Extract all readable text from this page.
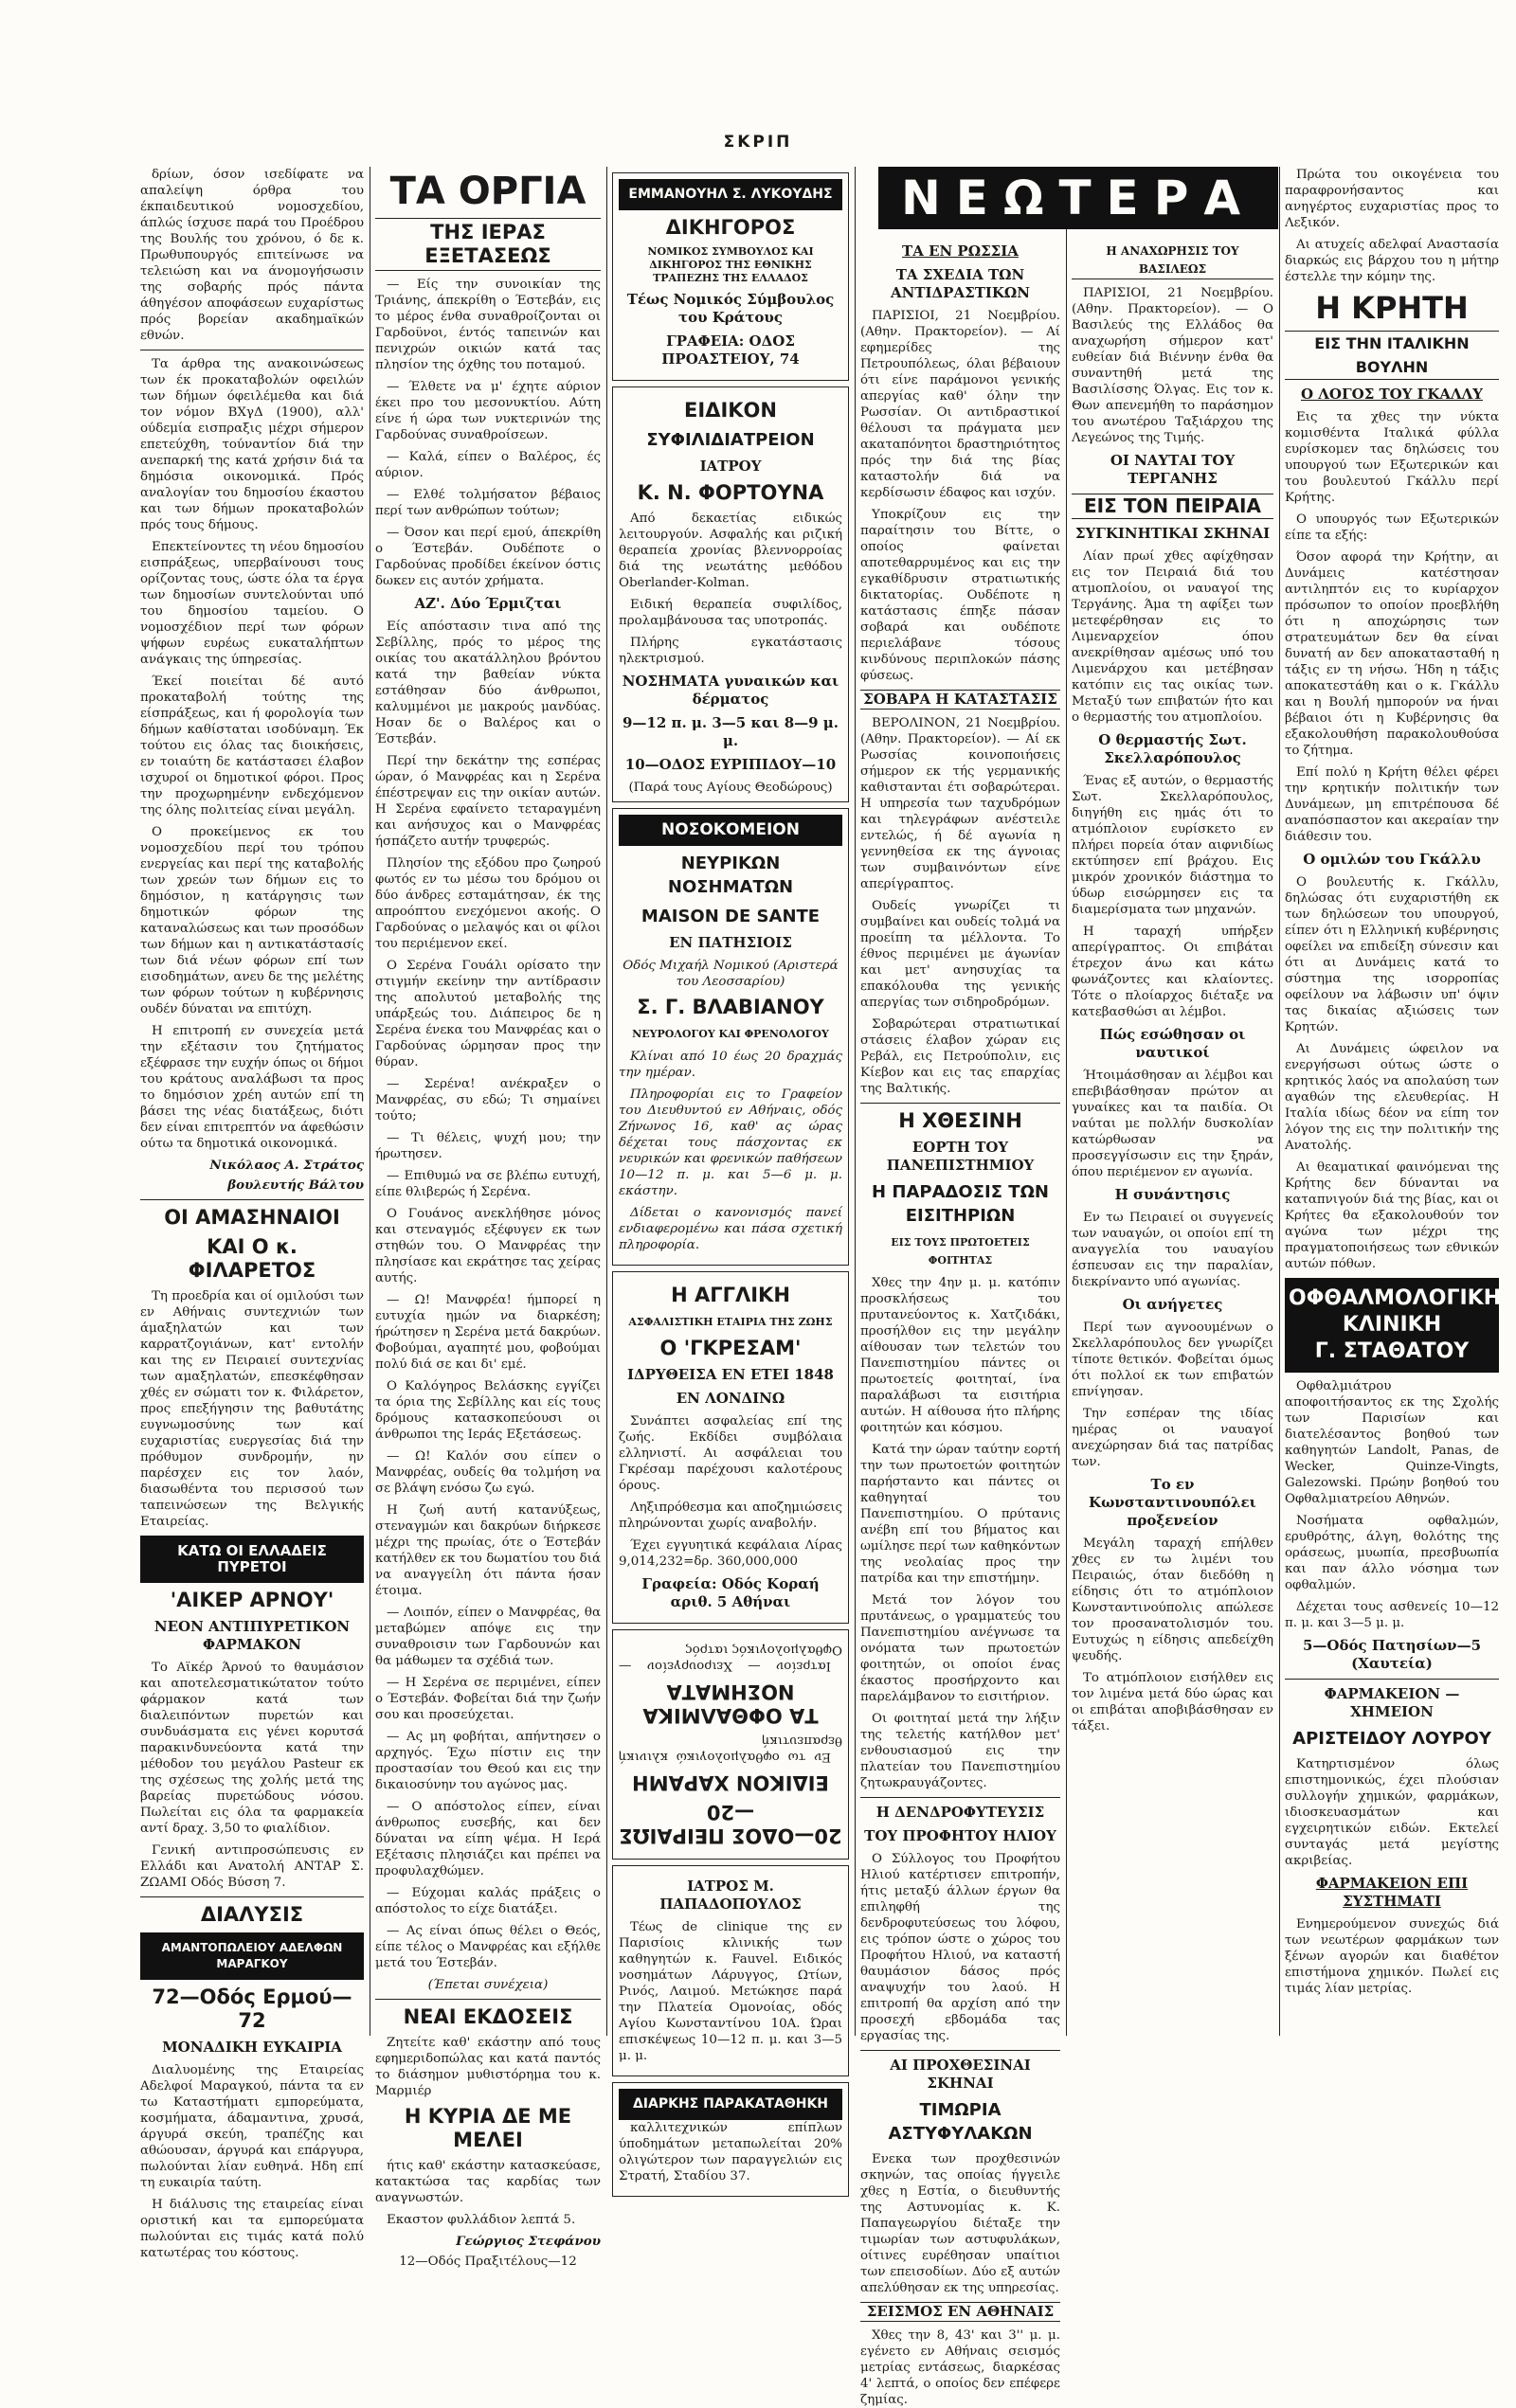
ΣΚΡΙΠ

δρίων, όσον ισεδίφατε να απαλείψη όρθρα του έκπαιδευτικού νομοσχεδίου, άπλώς ίσχυσε παρά του Προέδρου της Βουλής του χρόνου, ό δε κ. Πρωθυπουργός επιτείνωσε να τελειώση και να άνομογήσωσιν της σοβαρής πρός πάντα άθηγέσον αποφάσεων ευχαρίστως πρός βορείαν ακαδημαϊκών εθνών.

Τα άρθρα της ανακοινώσεως των έκ προκαταβολών οφειλών των δήμων όφειλέμεθα και διά τον νόμον ΒΧγΔ (1900), αλλ' ούδεμία εισπραξις μέχρι σήμερον επετεύχθη, τούναντίον διά την ανεπαρκή της κατά χρήσιν διά τα δημόσια οικονομικά. Πρός αναλογίαν του δημοσίου έκαστου και των δήμων προκαταβολών πρός τους δήμους.

Επεκτείνοντες τη νέου δημοσίου εισπράξεως, υπερβαίνουσι τους ορίζοντας τους, ώστε όλα τα έργα των δημοσίων συντελούνται υπό του δημοσίου ταμείου. Ο νομοσχέδιον περί των φόρων ψήφων ευρέως ευκαταλήπτων ανάγκαις της ύπηρεσίας.

Έκεί ποιείται δέ αυτό προκαταβολή τούτης της είσπράξεως, και ή φορολογία των δήμων καθίσταται ισοδύναμη. Έκ τούτου εις όλας τας διοικήσεις, εν τοιαύτη δε κατάστασει έλαβον ισχυροί οι δημοτικοί φόροι. Προς την προχωρημένην ενδεχόμενον της όλης πολιτείας είναι μεγάλη.

Ο προκείμενος εκ του νομοσχεδίου περί του τρόπου ενεργείας και περί της καταβολής των χρεών των δήμων εις το δημόσιον, η κατάργησις των δημοτικών φόρων της καταναλώσεως και των προσόδων των δήμων και η αντικατάστασίς των διά νέων φόρων επί των εισοδημάτων, ανευ δε της μελέτης των φόρων τούτων η κυβέρνησις ουδέν δύναται να επιτύχη.

Η επιτροπή εν συνεχεία μετά την εξέτασιν του ζητήματος εξέφρασε την ευχήν όπως οι δήμοι του κράτους αναλάβωσι τα προς το δημόσιον χρέη αυτών επί τη βάσει της νέας διατάξεως, διότι δεν είναι επιτρεπτόν να άφεθώσιν ούτω τα δημοτικά οικονομικά.

Νικόλαος Α. Στράτος
βουλευτής Βάλτου
ΟΙ ΑΜΑΣΗΝΑΙΟΙ
ΚΑΙ Ο κ. ΦΙΛΑΡΕΤΟΣ

Τη προεδρία και οί ομιλούσι των εν Αθήναις συντεχνιών των άμαξηλατών και των καρρατζογιάνων, κατ' εντολήν και της εν Πειραιεί συντεχνίας των αμαξηλατών, επεσκέφθησαν χθές εν σώματι τον κ. Φιλάρετον, προς επεξήγησιν της βαθυτάτης ευγνωμοσύνης των καί ευχαριστίας ευεργεσίας διά την πρόθυμον συνδρομήν, ην παρέσχεν εις τον λαόν, διασωθέντα του περισσού των ταπεινώσεων της Βελγικής Εταιρείας.

ΚΑΤΩ ΟΙ ΕΛΛΑΔΕΙΣ ΠΥΡΕΤΟΙ
'ΑΙΚΕΡ ΑΡΝΟΥ'
ΝΕΟΝ ΑΝΤΙΠΥΡΕΤΙΚΟΝ ΦΑΡΜΑΚΟΝ

Το Αϊκέρ Άρνού το θαυμάσιον και αποτελεσματικώτατον τούτο φάρμακον κατά των διαλειπόντων πυρετών και συνδυάσματα εις γένει κορυτσά παρακινδυνεύοντα κατά την μέθοδον του μεγάλου Pasteur εκ της σχέσεως της χολής μετά της βαρείας πυρετώδους νόσου. Πωλείται εις όλα τα φαρμακεία αντί δραχ. 3,50 το φιαλίδιον.

Γενική αντιπροσώπευσις εν Ελλάδι και Ανατολή ΑΝΤΑΡ Σ. ΖΩΑΜΙ Οδός Βύσση 7.

ΔΙΑΛΥΣΙΣ
ΑΜΑΝΤΟΠΩΛΕΙΟΥ ΑΔΕΛΦΩΝ ΜΑΡΑΓΚΟΥ
72—Οδός Ερμού—72
ΜΟΝΑΔΙΚΗ ΕΥΚΑΙΡΙΑ

Διαλυομένης της Εταιρείας Αδελφοί Μαραγκού, πάντα τα εν τω Καταστήματι εμπορεύματα, κοσμήματα, άδαμαντινα, χρυσά, άργυρά σκεύη, τραπέζης και αθώουσαν, άργυρά και επάργυρα, πωλούνται λίαν ευθηνά. Ηδη επί τη ευκαιρία ταύτη.

Η διάλυσις της εταιρείας είναι οριστική και τα εμπορεύματα πωλούνται εις τιμάς κατά πολύ κατωτέρας του κόστους.

ΤΑ ΟΡΓΙΑ
ΤΗΣ ΙΕΡΑΣ ΕΞΕΤΑΣΕΩΣ

— Είς την συνοικίαν της Τριάνης, άπεκρίθη ο Έστεβάν, εις το μέρος ένθα συναθροίζονται οι Γαρδοϋνοι, έντός ταπεινών και πενιχρών οικιών κατά τας πλησίον της όχθης του ποταμού.

— Έλθετε να μ' έχητε αύριον έκει προ του μεσονυκτίου. Αύτη είνε ή ώρα των νυκτερινών της Γαρδούνας συναθροίσεων.

— Καλά, είπεν ο Βαλέρος, ές αύριον.

— Ελθέ τολμήσατον βέβαιος περί των ανθρώπων τούτων;

— Όσον και περί εμού, άπεκρίθη ο Έστεβάν. Ουδέποτε ο Γαρδούνας προδίδει έκείνον όστις δωκεν εις αυτόν χρήματα.

ΑΖ'. Δύο Έρμιζται

Είς απόστασιν τινα από της Σεβίλλης, πρός το μέρος της οικίας του ακατάλληλου βρόντου κατά την βαθείαν νύκτα εστάθησαν δύο άνθρωποι, καλυμμένοι με μακρούς μανδύας. Ησαν δε ο Βαλέρος και ο Έστεβάν.

Περί την δεκάτην της εσπέρας ώραν, ό Μανφρέας και η Σερένα έπέστρεψαν εις την οικίαν αυτών. Η Σερένα εφαίνετο τεταραγμένη και ανήσυχος και ο Μανφρέας ήσπάζετο αυτήν τρυφερώς.

Πλησίον της εξόδου προ ζωηρού φωτός εν τω μέσω του δρόμου οι δύο άνδρες εσταμάτησαν, έκ της απροόπτου ενεχόμενοι ακοής. Ο Γαρδούνας ο μελαψός και οι φίλοι του περιέμενον εκεί.

Ο Σερένα Γουάλι ορίσατο την στιγμήν εκείνην την αντίδρασιν της απολυτού μεταβολής της υπάρξεώς του. Διάπειρος δε η Σερένα ένεκα του Μανφρέας και ο Γαρδούνας ώρμησαν προς την θύραν.

— Σερένα! ανέκραξεν ο Μανφρέας, συ εδώ; Τι σημαίνει τούτο;

— Τι θέλεις, ψυχή μου; την ήρωτησεν.

— Επιθυμώ να σε βλέπω ευτυχή, είπε θλιβερώς ή Σερένα.

Ο Γουάνος ανεκλήθησε μόνος και στεναγμός εξέφυγεν εκ των στηθών του. Ο Μανφρέας την πλησίασε και εκράτησε τας χείρας αυτής.

— Ω! Μανφρέα! ήμπορεί η ευτυχία ημών να διαρκέση; ήρώτησεν η Σερένα μετά δακρύων. Φοβούμαι, αγαπητέ μου, φοβούμαι πολύ διά σε και δι' εμέ.

Ο Καλόγηρος Βελάσκης εγγίζει τα όρια της Σεβίλλης και είς τους δρόμους κατασκοπεύουσι οι άνθρωποι της Ιεράς Εξετάσεως.

— Ω! Καλόν σου είπεν ο Μανφρέας, ουδείς θα τολμήση να σε βλάψη ενόσω ζω εγώ.

Η ζωή αυτή κατανύξεως, στεναγμών και δακρύων διήρκεσε μέχρι της πρωίας, ότε ο Έστεβάν κατήλθεν εκ του δωματίου του διά να αναγγείλη ότι πάντα ήσαν έτοιμα.

— Λοιπόν, είπεν ο Μανφρέας, θα μεταβώμεν απόψε εις την συναθροισιν των Γαρδουνών και θα μάθωμεν τα σχέδιά των.

— Η Σερένα σε περιμένει, είπεν ο Έστεβάν. Φοβείται διά την ζωήν σου και προσεύχεται.

— Ας μη φοβήται, απήντησεν ο αρχηγός. Έχω πίστιν εις την προστασίαν του Θεού και εις την δικαιοσύνην του αγώνος μας.

— Ο απόστολος είπεν, είναι άνθρωπος ευσεβής, και δεν δύναται να είπη ψέμα. Η Ιερά Εξέτασις πλησιάζει και πρέπει να προφυλαχθώμεν.

— Εύχομαι καλάς πράξεις ο απόστολος το είχε διατάξει.

— Ας είναι όπως θέλει ο Θεός, είπε τέλος ο Μανφρέας και εξήλθε μετά του Έστεβάν.

(Έπεται συνέχεια)
ΝΕΑΙ ΕΚΔΟΣΕΙΣ

Ζητείτε καθ' εκάστην από τους εφημεριδοπώλας και κατά παντός το διάσημον μυθιστόρημα του κ. Μαρμιέρ

Η ΚΥΡΙΑ ΔΕ ΜΕ ΜΕΛΕΙ

ήτις καθ' εκάστην κατασκεύασε, κατακτώσα τας καρδίας των αναγνωστών.

Εκαστον φυλλάδιον λεπτά 5.

Γεώργιος Στεφάνου
12—Οδός Πραξιτέλους—12
ΕΜΜΑΝΟΥΗΛ Σ. ΛΥΚΟΥΔΗΣ
ΔΙΚΗΓΟΡΟΣ
ΝΟΜΙΚΟΣ ΣΥΜΒΟΥΛΟΣ ΚΑΙ ΔΙΚΗΓΟΡΟΣ ΤΗΣ ΕΘΝΙΚΗΣ ΤΡΑΠΕΖΗΣ ΤΗΣ ΕΛΛΑΔΟΣ
Τέως Νομικός Σύμβουλος του Κράτους
ΓΡΑΦΕΙΑ: ΟΔΟΣ ΠΡΟΑΣΤΕΙΟΥ, 74
ΕΙΔΙΚΟΝ
ΣΥΦΙΛΙΔΙΑΤΡΕΙΟΝ
ΙΑΤΡΟΥ
Κ. Ν. ΦΟΡΤΟΥΝΑ

Από δεκαετίας ειδικώς λειτουργούν. Ασφαλής και ριζική θεραπεία χρονίας βλεννορροίας διά της νεωτάτης μεθόδου Oberlander-Kolman.

Ειδική θεραπεία συφιλίδος, προλαμβάνουσα τας υποτροπάς.

Πλήρης εγκατάστασις ηλεκτρισμού.

ΝΟΣΗΜΑΤΑ γυναικών και δέρματος
9—12 π. μ. 3—5 και 8—9 μ. μ.
10—ΟΔΟΣ ΕΥΡΙΠΙΔΟΥ—10
(Παρά τους Αγίους Θεοδώρους)
ΝΟΣΟΚΟΜΕΙΟΝ
ΝΕΥΡΙΚΩΝ ΝΟΣΗΜΑΤΩΝ
MAISON DE SANTE
ΕΝ ΠΑΤΗΣΙΟΙΣ
Οδός Μιχαήλ Νομικού (Αριστερά του Λεοσσαρίου)
Σ. Γ. ΒΛΑΒΙΑΝΟΥ
ΝΕΥΡΟΛΟΓΟΥ ΚΑΙ ΦΡΕΝΟΛΟΓΟΥ

Κλίναι από 10 έως 20 δραχμάς την ημέραν.

Πληροφορίαι εις το Γραφείον του Διευθυντού εν Αθήναις, οδός Ζήνωνος 16, καθ' ας ώρας δέχεται τους πάσχοντας εκ νευρικών και φρενικών παθήσεων 10—12 π. μ. και 5—6 μ. μ. εκάστην.

Δίδεται ο κανονισμός πανεί ενδιαφερομένω και πάσα σχετική πληροφορία.

Η ΑΓΓΛΙΚΗ
ΑΣΦΑΛΙΣΤΙΚΗ ΕΤΑΙΡΙΑ ΤΗΣ ΖΩΗΣ
Ο 'ΓΚΡΕΣΑΜ'
ΙΔΡΥΘΕΙΣΑ ΕΝ ΕΤΕΙ 1848
ΕΝ ΛΟΝΔΙΝΩ

Συνάπτει ασφαλείας επί της ζωής. Εκδίδει συμβόλαια ελληνιστί. Αι ασφάλειαι του Γκρέσαμ παρέχουσι καλοτέρους όρους.

Ληξιπρόθεσμα και αποζημιώσεις πληρώνονται χωρίς αναβολήν.

Έχει εγγυητικά κεφάλαια Λίρας 9,014,232=δρ. 360,000,000

Γραφεία: Οδός Κοραή αριθ. 5 Αθήναι
20—ΟΔΟΣ ΠΕΙΡΑΙΩΣ—20
ΕΙΔΙΚΟΝ ΧΑΡΑΜΗ

Εν τω οφθαλμολογικώ κλινική θεραπευτική

ΤΑ ΟΦΘΑΛΜΙΚΑ ΝΟΣΗΜΑΤΑ

Ιατρείον — Χειρουργείον — Οφθαλμολογικός ιατρός

ΙΑΤΡΟΣ Μ. ΠΑΠΑΔΟΠΟΥΛΟΣ

Τέως de clinique της εν Παρισίοις κλινικής των καθηγητών κ. Fauvel. Ειδικός νοσημάτων Λάρυγγος, Ωτίων, Ρινός, Λαιμού. Μετώκησε παρά την Πλατεία Ομονοίας, οδός Αγίου Κωνσταντίνου 10Α. Ώραι επισκέψεως 10—12 π. μ. και 3—5 μ. μ.

ΔΙΑΡΚΗΣ ΠΑΡΑΚΑΤΑΘΗΚΗ

καλλιτεχνικών επίπλων ύποδημάτων μεταπωλείται 20% ολιγώτερον των παραγγελιών εις Στρατή, Σταδίου 37.

ΝΕΩΤΕΡΑ
ΤΑ ΕΝ ΡΩΣΣΙΑ
ΤΑ ΣΧΕΔΙΑ ΤΩΝ ΑΝΤΙΔΡΑΣΤΙΚΩΝ

ΠΑΡΙΣΙΟΙ, 21 Νοεμβρίου. (Αθην. Πρακτορείον). — Αί εφημερίδες της Πετρουπόλεως, όλαι βέβαιουν ότι είνε παράμονοι γενικής απεργίας καθ' όλην την Ρωσσίαν. Οι αντιδραστικοί θέλουσι τα πράγματα μεν ακαταπόνητοι δραστηριότητος πρός την διά της βίας καταστολήν διά να κερδίσωσιν έδαφος και ισχύν.

Υποκρίζουν εις την παραίτησιν του Βίττε, ο οποίος φαίνεται αποτεθαρρυμένος και εις την εγκαθίδρυσιν στρατιωτικής δικτατορίας. Ουδέποτε η κατάστασις έπηξε πάσαν σοβαρά και ουδέποτε περιελάβανε τόσους κινδύνους περιπλοκών πάσης φύσεως.

ΣΟΒΑΡΑ Η ΚΑΤΑΣΤΑΣΙΣ

ΒΕΡΟΛΙΝΟΝ, 21 Νοεμβρίου. (Αθην. Πρακτορείον). — Αί εκ Ρωσσίας κοινοποιήσεις σήμερον εκ τής γερμανικής καθιστανται έτι σοβαρώτεραι. Η υπηρεσία των ταχυδρόμων και τηλεγράφων ανέστειλε εντελώς, ή δέ αγωνία η γεννηθείσα εκ της άγνοιας των συμβαινόντων είνε απερίγραπτος.

Ουδείς γνωρίζει τι συμβαίνει και ουδείς τολμά να προείπη τα μέλλοντα. Το έθνος περιμένει με άγωνίαν και μετ' ανησυχίας τα επακόλουθα της γενικής απεργίας των σιδηροδρόμων.

Σοβαρώτεραι στρατιωτικαί στάσεις έλαβον χώραν εις Ρεβάλ, εις Πετρούπολιν, εις Κίεβον και εις τας επαρχίας της Βαλτικής.

Η ΧΘΕΣΙΝΗ
ΕΟΡΤΗ ΤΟΥ ΠΑΝΕΠΙΣΤΗΜΙΟΥ
Η ΠΑΡΑΔΟΣΙΣ ΤΩΝ ΕΙΣΙΤΗΡΙΩΝ
ΕΙΣ ΤΟΥΣ ΠΡΩΤΟΕΤΕΙΣ ΦΟΙΤΗΤΑΣ

Χθες την 4ην μ. μ. κατόπιν προσκλήσεως του πρυτανεύοντος κ. Χατζιδάκι, προσήλθον εις την μεγάλην αίθουσαν των τελετών του Πανεπιστημίου πάντες οι πρωτοετείς φοιτηταί, ίνα παραλάβωσι τα εισιτήρια αυτών. Η αίθουσα ήτο πλήρης φοιτητών και κόσμου.

Κατά την ώραν ταύτην εορτή την των πρωτοετών φοιτητών παρήσταντο και πάντες οι καθηγηταί του Πανεπιστημίου. Ο πρύτανις ανέβη επί του βήματος και ωμίλησε περί των καθηκόντων της νεολαίας προς την πατρίδα και την επιστήμην.

Μετά τον λόγον του πρυτάνεως, ο γραμματεύς του Πανεπιστημίου ανέγνωσε τα ονόματα των πρωτοετών φοιτητών, οι οποίοι ένας έκαστος προσήρχοντο και παρελάμβανον το εισιτήριον.

Οι φοιτηταί μετά την λήξιν της τελετής κατήλθον μετ' ενθουσιασμού εις την πλατείαν του Πανεπιστημίου ζητωκραυγάζοντες.

Η ΔΕΝΔΡΟΦΥΤΕΥΣΙΣ
ΤΟΥ ΠΡΟΦΗΤΟΥ ΗΛΙΟΥ

Ο Σύλλογος του Προφήτου Ηλιού κατέρτισεν επιτροπήν, ήτις μεταξύ άλλων έργων θα επιληφθή της δενδροφυτεύσεως του λόφου, εις τρόπον ώστε ο χώρος του Προφήτου Ηλιού, να καταστή θαυμάσιον δάσος πρός αναψυχήν του λαού. Η επιτροπή θα αρχίση από την προσεχή εβδομάδα τας εργασίας της.

ΑΙ ΠΡΟΧΘΕΣΙΝΑΙ ΣΚΗΝΑΙ
ΤΙΜΩΡΙΑ ΑΣΤΥΦΥΛΑΚΩΝ

Ενεκα των προχθεσινών σκηνών, τας οποίας ήγγειλε χθες η Εστία, ο διευθυντής της Αστυνομίας κ. Κ. Παπαγεωργίου διέταξε την τιμωρίαν των αστυφυλάκων, οίτινες ευρέθησαν υπαίτιοι των επεισοδίων. Δύο εξ αυτών απελύθησαν εκ της υπηρεσίας.

ΣΕΙΣΜΟΣ ΕΝ ΑΘΗΝΑΙΣ

Χθες την 8, 43' και 3'' μ. μ. εγένετο εν Αθήναις σεισμός μετρίας εντάσεως, διαρκέσας 4' λεπτά, ο οποίος δεν επέφερε ζημίας.

Η ΑΝΑΧΩΡΗΣΙΣ ΤΟΥ ΒΑΣΙΛΕΩΣ

ΠΑΡΙΣΙΟΙ, 21 Νοεμβρίου. (Αθην. Πρακτορείον). — Ο Βασιλεύς της Ελλάδος θα αναχωρήση σήμερον κατ' ευθείαν διά Βιέννην ένθα θα συναντηθή μετά της Βασιλίσσης Όλγας. Εις τον κ. Θων απενεμήθη το παράσημον του ανωτέρου Ταξιάρχου της Λεγεώνος της Τιμής.

ΟΙ ΝΑΥΤΑΙ ΤΟΥ ΤΕΡΓΑΝΗΣ
ΕΙΣ ΤΟΝ ΠΕΙΡΑΙΑ
ΣΥΓΚΙΝΗΤΙΚΑΙ ΣΚΗΝΑΙ

Λίαν πρωί χθες αφίχθησαν εις τον Πειραιά διά του ατμοπλοίου, οι ναυαγοί της Τεργάνης. Άμα τη αφίξει των μετεφέρθησαν εις το Λιμεναρχείον όπου ανεκρίθησαν αμέσως υπό του Λιμενάρχου και μετέβησαν κατόπιν εις τας οικίας των. Μεταξύ των επιβατών ήτο και ο θερμαστής του ατμοπλοίου.

Ο θερμαστής Σωτ. Σκελλαρόπουλος

Ένας εξ αυτών, ο θερμαστής Σωτ. Σκελλαρόπουλος, διηγήθη εις ημάς ότι το ατμόπλοιον ευρίσκετο εν πλήρει πορεία όταν αιφνιδίως εκτύπησεν επί βράχου. Εις μικρόν χρονικόν διάστημα το ύδωρ εισώρμησεν εις τα διαμερίσματα των μηχανών.

Η ταραχή υπήρξεν απερίγραπτος. Οι επιβάται έτρεχον άνω και κάτω φωνάζοντες και κλαίοντες. Τότε ο πλοίαρχος διέταξε να κατεβασθώσι αι λέμβοι.

Πώς εσώθησαν οι ναυτικοί

Ήτοιμάσθησαν αι λέμβοι και επεβιβάσθησαν πρώτον αι γυναίκες και τα παιδία. Οι ναύται με πολλήν δυσκολίαν κατώρθωσαν να προσεγγίσωσιν εις την ξηράν, όπου περιέμενον εν αγωνία.

Η συνάντησις

Εν τω Πειραιεί οι συγγενείς των ναυαγών, οι οποίοι επί τη αναγγελία του ναυαγίου έσπευσαν εις την παραλίαν, διεκρίναντο υπό αγωνίας.

Οι ανήγετες

Περί των αγνοουμένων ο Σκελλαρόπουλος δεν γνωρίζει τίποτε θετικόν. Φοβείται όμως ότι πολλοί εκ των επιβατών επνίγησαν.

Την εσπέραν της ιδίας ημέρας οι ναυαγοί ανεχώρησαν διά τας πατρίδας των.

Το εν Κωνσταντινουπόλει προξενείον

Μεγάλη ταραχή επήλθεν χθες εν τω λιμένι του Πειραιώς, όταν διεδόθη η είδησις ότι το ατμόπλοιον Κωνσταντινούπολις απώλεσε τον προσανατολισμόν του. Ευτυχώς η είδησις απεδείχθη ψευδής.

Το ατμόπλοιον εισήλθεν εις τον λιμένα μετά δύο ώρας και οι επιβάται αποβιβάσθησαν εν τάξει.

Πρώτα του οικογένεια του παραφρονήσαντος και ανηγέρτος ευχαριστίας προς το Λεξικόν.

Αι ατυχείς αδελφαί Αναστασία διαρκώς εις βάρχου του η μήτηρ έστελλε την κόμην της.

Η ΚΡΗΤΗ
ΕΙΣ ΤΗΝ ΙΤΑΛΙΚΗΝ ΒΟΥΛΗΝ
Ο ΛΟΓΟΣ ΤΟΥ ΓΚΑΛΛΥ

Εις τα χθες την νύκτα κομισθέντα Ιταλικά φύλλα ευρίσκομεν τας δηλώσεις του υπουργού των Εξωτερικών και του βουλευτού Γκάλλυ περί Κρήτης.

Ο υπουργός των Εξωτερικών είπε τα εξής:

Όσον αφορά την Κρήτην, αι Δυνάμεις κατέστησαν αντιληπτόν εις το κυρίαρχον πρόσωπον το οποίον προεβλήθη ότι η αποχώρησις των στρατευμάτων δεν θα είναι δυνατή αν δεν αποκατασταθή η τάξις εν τη νήσω. Ήδη η τάξις αποκατεστάθη και ο κ. Γκάλλυ και η Βουλή ημπορούν να ήναι βέβαιοι ότι η Κυβέρνησις θα εξακολουθήση παρακολουθούσα το ζήτημα.

Επί πολύ η Κρήτη θέλει φέρει την κρητικήν πολιτικήν των Δυνάμεων, μη επιτρέπουσα δέ αναπόσπαστον και ακεραίαν την διάθεσιν του.

Ο ομιλών του Γκάλλυ

Ο βουλευτής κ. Γκάλλυ, δηλώσας ότι ευχαριστήθη εκ των δηλώσεων του υπουργού, είπεν ότι η Ελληνική κυβέρνησις οφείλει να επιδείξη σύνεσιν και ότι αι Δυνάμεις κατά το σύστημα της ισορροπίας οφείλουν να λάβωσιν υπ' όψιν τας δικαίας αξιώσεις των Κρητών.

Αι Δυνάμεις ώφειλον να ενεργήσωσι ούτως ώστε ο κρητικός λαός να απολαύση των αγαθών της ελευθερίας. Η Ιταλία ιδίως δέον να είπη τον λόγον της εις την πολιτικήν της Ανατολής.

Αι θεαματικαί φαινόμεναι της Κρήτης δεν δύνανται να καταπνιγούν διά της βίας, και οι Κρήτες θα εξακολουθούν τον αγώνα των μέχρι της πραγματοποιήσεως των εθνικών αυτών πόθων.

ΟΦΘΑΛΜΟΛΟΓΙΚΗ
ΚΛΙΝΙΚΗ
Γ. ΣΤΑΘΑΤΟΥ

Οφθαλμιάτρου αποφοιτήσαντος εκ της Σχολής των Παρισίων και διατελέσαντος βοηθού των καθηγητών Landolt, Panas, de Wecker, Quinze-Vingts, Galezowski. Πρώην βοηθού του Οφθαλμιατρείου Αθηνών.

Νοσήματα οφθαλμών, ερυθρότης, άλγη, θολότης της οράσεως, μυωπία, πρεσβυωπία και παν άλλο νόσημα των οφθαλμών.

Δέχεται τους ασθενείς 10—12 π. μ. και 3—5 μ. μ.

5—Οδός Πατησίων—5 (Χαυτεία)
ΦΑΡΜΑΚΕΙΟΝ — ΧΗΜΕΙΟΝ
ΑΡΙΣΤΕΙΔΟΥ ΛΟΥΡΟΥ

Κατηρτισμένον όλως επιστημονικώς, έχει πλούσιαν συλλογήν χημικών, φαρμάκων, ιδιοσκευασμάτων και εγχειρητικών ειδών. Εκτελεί συνταγάς μετά μεγίστης ακριβείας.

ΦΑΡΜΑΚΕΙΟΝ ΕΠΙ ΣΥΣΤΗΜΑΤΙ

Ενημερούμενον συνεχώς διά των νεωτέρων φαρμάκων των ξένων αγορών και διαθέτον επιστήμονα χημικόν. Πωλεί εις τιμάς λίαν μετρίας.
